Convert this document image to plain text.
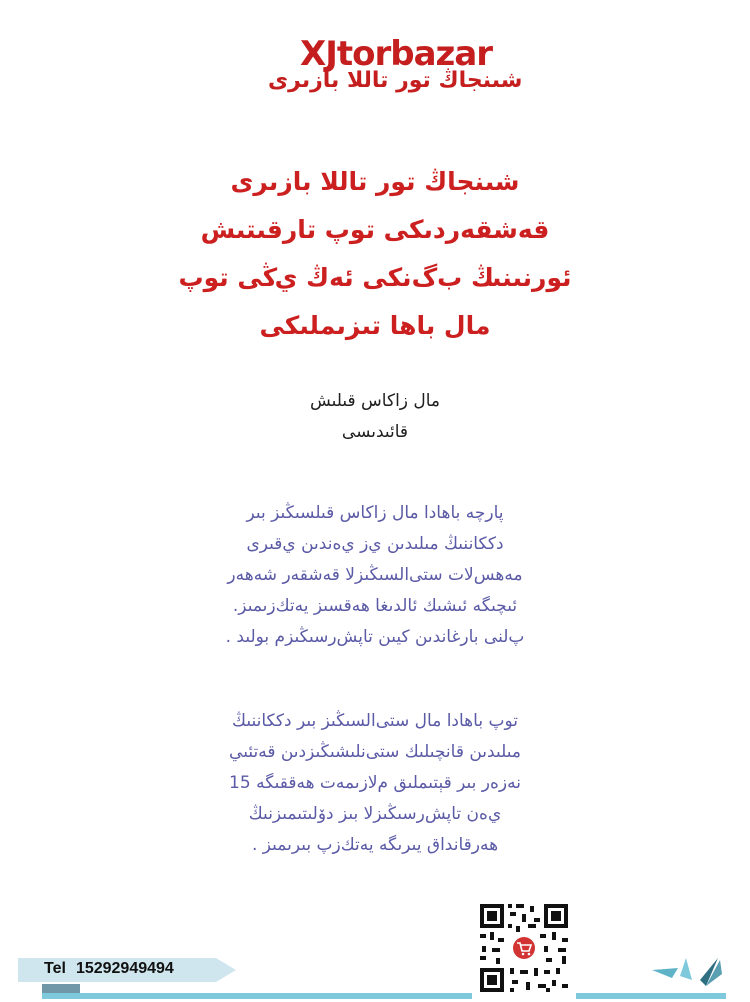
XJtorbazar
شىنجاڭ تور تاللا بازىرى
شىنجاڭ تور تاللا بازىرى
قەشقەردىكى توپ تارقىتىش
ئورنىنىڭ ب‌گ‌نكى ئەڭ ي‌ڭى توپ
مال باھا تىزىملىكى
مال زاكاس قىلىش
قائىدىسى
پارچە باھادا مال زاكاس قىلسىڭىز بىر
د‌ككاننىڭ مىلىدىن ي‌ز ي‌ەندىن ي‌قىرى
مەھس‌لات ستى‌السىڭىزلا قەشقەر شەھەر
ئىچىگە ئىشىك ئالدىغا ھەقسىز يەتك‌زىمىز.
پ‌لنى بارغاندىن كيىن تاپش‌رسىڭىزم‌ بولىد‌ .
توپ باھادا مال ستى‌السىڭىز بىر د‌ككاننىڭ
مىلىدىن قانچىلىك ستى‌نلىشىڭىزدىن قەتئىي
نەزەر بىر قېتىملىق م‌لازىمەت ھەققىگە 15
ي‌ەن تاپش‌رسىڭىزلا بىز دۆلىتىمىزنىڭ
ھەرقانداق يىرىگە يەتك‌ز‌پ بىرىمىز .
Tel 15292949494
